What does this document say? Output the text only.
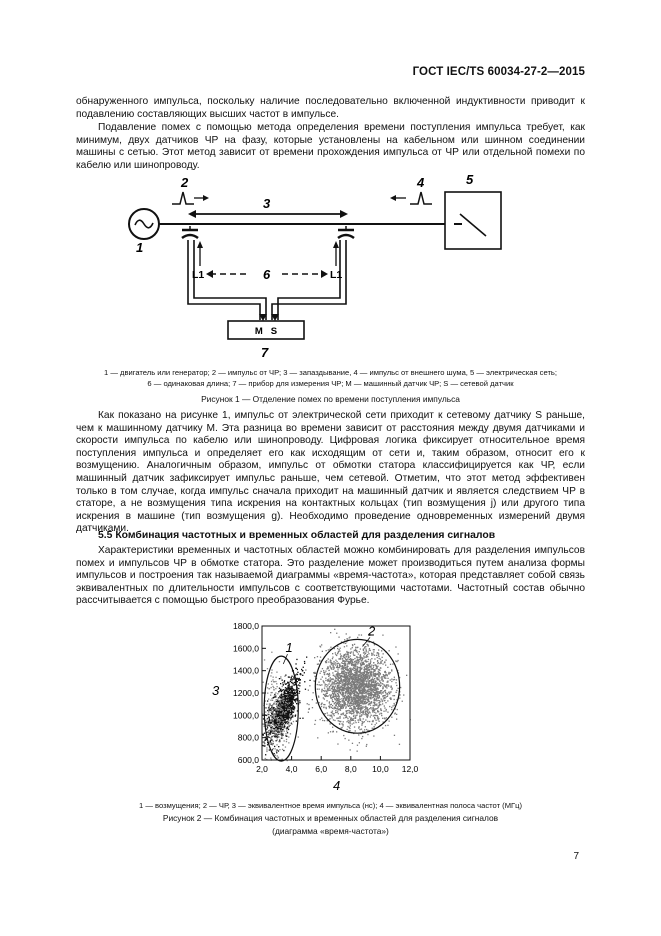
ГОСТ IEC/TS 60034-27-2—2015

обнаруженного импульса, поскольку наличие последовательно включенной индуктивности приводит к подавлению составляющих высших частот в импульсе.

Подавление помех с помощью метода определения времени поступления импульса требует, как минимум, двух датчиков ЧР на фазу, которые установлены на кабельном или шинном соединении машины с сетью. Этот метод зависит от времени прохождения импульса от ЧР или отдельной помехи по кабелю или шинопроводу.

1
5
2	4
3
L1	L1
6
M   S
7

1 — двигатель или генератор; 2 — импульс от ЧР; 3 — запаздывание, 4 — импульс от внешнего шума, 5 — электрическая сеть;

6 — одинаковая длина; 7 — прибор для измерения ЧР; M — машинный датчик ЧР; S — сетевой датчик

Рисунок 1 — Отделение помех по времени поступления импульса

Как показано на рисунке 1, импульс от электрической сети приходит к сетевому датчику S раньше, чем к машинному датчику M. Эта разница во времени зависит от расстояния между двумя датчиками и скорости импульса по кабелю или шинопроводу. Цифровая логика фиксирует относительное время поступления импульса и определяет его как исходящим от сети и, таким образом, относит его к возмущению. Аналогичным образом, импульс от обмотки статора классифицируется как ЧР, если машинный датчик зафиксирует импульс раньше, чем сетевой. Отметим, что этот метод эффективен только в том случае, когда импульс сначала приходит на машинный датчик и является следствием ЧР в статоре, а не возмущения типа искрения на контактных кольцах (тип возмущения j) или другого типа искрения в машине (тип возмущения g). Необходимо проведение одновременных измерений двумя датчиками.

5.5 Комбинация частотных и временных областей для разделения сигналов

Характеристики временных и частотных областей можно комбинировать для разделения импульсов помех и импульсов ЧР в обмотке статора. Это разделение может производиться путем анализа формы импульсов и построения так называемой диаграммы «время-частота», которая представляет собой связь эквивалентных по длительности импульсов с соответствующими частотами. Частотный состав обычно рассчитывается с помощью быстрого преобразования Фурье.

1
2
1800,0
1600,0
1400,0
1200,0
1000,0
800,0
600,0
2,0 4,0 6,0 8,0 10,0 12,0
3
4

1 — возмущения; 2 — ЧР, 3 — эквивалентное время импульса (нс); 4 — эквивалентная полоса частот (МГц)

Рисунок 2 — Комбинация частотных и временных областей для разделения сигналов

(диаграмма «время-частота»)

7
